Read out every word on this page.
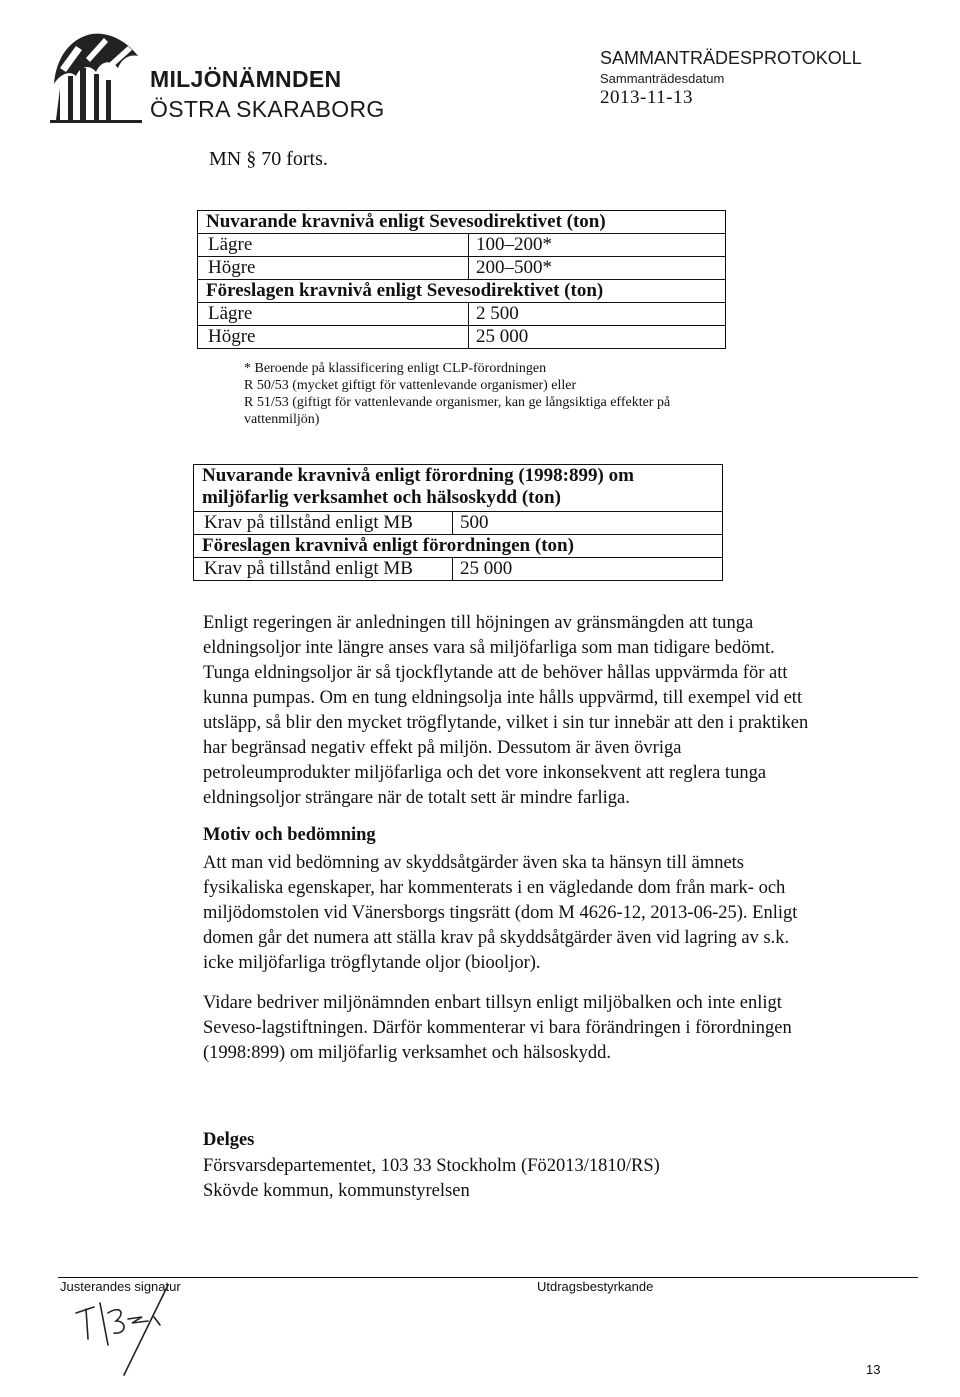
MILJÖNÄMNDEN
ÖSTRA SKARABORG
SAMMANTRÄDESPROTOKOLL
Sammanträdesdatum
2013-11-13
MN § 70 forts.
Nuvarande kravnivå enligt Sevesodirektivet (ton)
Lägre	100–200*
Högre	200–500*
Föreslagen kravnivå enligt Sevesodirektivet (ton)
Lägre	2 500
Högre	25 000
* Beroende på klassificering enligt CLP-förordningen
R 50/53 (mycket giftigt för vattenlevande organismer) eller
R 51/53 (giftigt för vattenlevande organismer, kan ge långsiktiga effekter på
vattenmiljön)
Nuvarande kravnivå enligt förordning (1998:899) om
miljöfarlig verksamhet och hälsoskydd (ton)
Krav på tillstånd enligt MB	500
Föreslagen kravnivå enligt förordningen (ton)
Krav på tillstånd enligt MB	25 000
Enligt regeringen är anledningen till höjningen av gränsmängden att tunga
eldningsoljor inte längre anses vara så miljöfarliga som man tidigare bedömt.
Tunga eldningsoljor är så tjockflytande att de behöver hållas uppvärmda för att
kunna pumpas. Om en tung eldningsolja inte hålls uppvärmd, till exempel vid ett
utsläpp, så blir den mycket trögflytande, vilket i sin tur innebär att den i praktiken
har begränsad negativ effekt på miljön. Dessutom är även övriga
petroleumprodukter miljöfarliga och det vore inkonsekvent att reglera tunga
eldningsoljor strängare när de totalt sett är mindre farliga.
Motiv och bedömning
Att man vid bedömning av skyddsåtgärder även ska ta hänsyn till ämnets
fysikaliska egenskaper, har kommenterats i en vägledande dom från mark- och
miljödomstolen vid Vänersborgs tingsrätt (dom M 4626-12, 2013-06-25). Enligt
domen går det numera att ställa krav på skyddsåtgärder även vid lagring av s.k.
icke miljöfarliga trögflytande oljor (biooljor).
Vidare bedriver miljönämnden enbart tillsyn enligt miljöbalken och inte enligt
Seveso-lagstiftningen. Därför kommenterar vi bara förändringen i förordningen
(1998:899) om miljöfarlig verksamhet och hälsoskydd.
Delges
Försvarsdepartementet, 103 33 Stockholm (Fö2013/1810/RS)
Skövde kommun, kommunstyrelsen
Justerandes signatur	Utdragsbestyrkande
13
